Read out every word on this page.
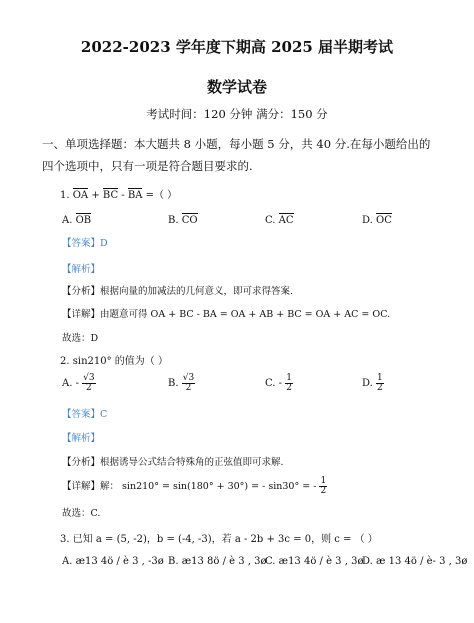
2022-2023 学年度下期高 2025 届半期考试
数学试卷
考试时间：120 分钟 满分：150 分
一、单项选择题：本大题共 8 小题，每小题 5 分，共 40 分.在每小题给出的
四个选项中，只有一项是符合题目要求的.
1. OA + BC - BA =（ ）
A. OB	B. CO	C. AC	D. OC
【答案】D
【解析】
【分析】根据向量的加减法的几何意义，即可求得答案.
【详解】由题意可得 OA + BC - BA = OA + AB + BC = OA + AC = OC.
故选：D
2. sin210° 的值为（ ）
A. - $\frac{√3}{2}$	B. $\frac{√3}{2}$	C. - $\frac{1}{2}$	D. $\frac{1}{2}$
【答案】C
【解析】
【分析】根据诱导公式结合特殊角的正弦值即可求解.
【详解】解： sin210° = sin(180° + 30°) = - sin30° = - $\frac{1}{2}$
故选：C.
3. 已知 a = (5, -2)，b = (-4, -3)，若 a - 2b + 3c = 0，则 c = （ ）
A. æ13 4ö / è 3 , -3ø B. æ13 8ö / è 3 , 3ø
C. æ13 4ö / è 3 , 3ø
D. æ 13 4ö / è- 3 , 3ø
